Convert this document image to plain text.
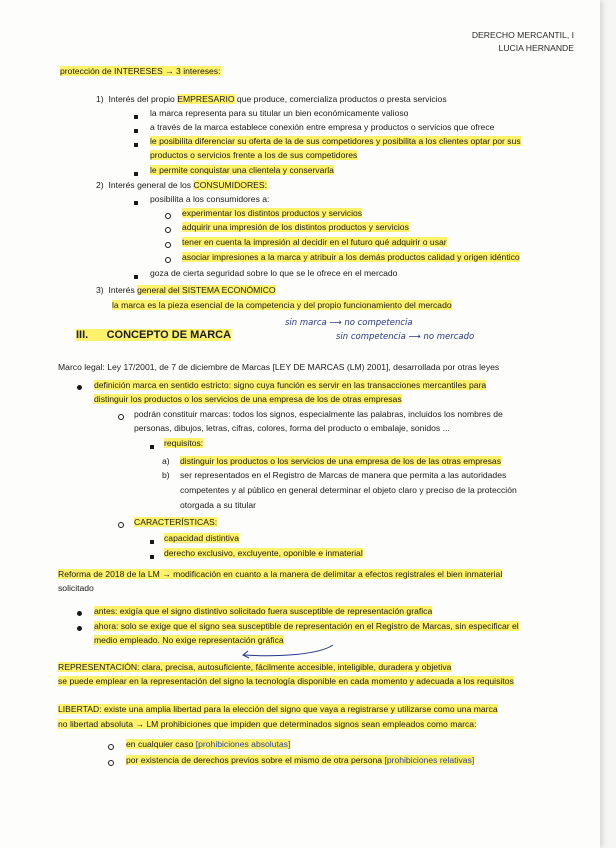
DERECHO MERCANTIL, I
LUCIA HERNANDE
protección de INTERESES → 3 intereses:
1) Interés del propio EMPRESARIO que produce, comercializa productos o presta servicios
la marca representa para su titular un bien económicamente valioso
a través de la marca establece conexión entre empresa y productos o servicios que ofrece
le posibilita diferenciar su oferta de la de sus competidores y posibilita a los clientes optar por sus
productos o servicios frente a los de sus competidores
le permite conquistar una clientela y conservarla
2) Interés general de los CONSUMIDORES:
posibilita a los consumidores a:
experimentar los distintos productos y servicios
adquirir una impresión de los distintos productos y servicios
tener en cuenta la impresión al decidir en el futuro qué adquirir o usar
asociar impresiones a la marca y atribuir a los demás productos calidad y origen idéntico
goza de cierta seguridad sobre lo que se le ofrece en el mercado
3) Interés general del SISTEMA ECONÓMICO
la marca es la pieza esencial de la competencia y del propio funcionamiento del mercado
III. CONCEPTO DE MARCA
sin marca ⟶ no competencia
sin competencia ⟶ no mercado
Marco legal: Ley 17/2001, de 7 de diciembre de Marcas [LEY DE MARCAS (LM) 2001], desarrollada por otras leyes
definición marca en sentido estricto: signo cuya función es servir en las transacciones mercantiles para
distinguir los productos o los servicios de una empresa de los de otras empresas
podrán constituir marcas: todos los signos, especialmente las palabras, incluidos los nombres de
personas, dibujos, letras, cifras, colores, forma del producto o embalaje, sonidos ...
requisitos:
a) distinguir los productos o los servicios de una empresa de los de las otras empresas
b) ser representados en el Registro de Marcas de manera que permita a las autoridades
competentes y al público en general determinar el objeto claro y preciso de la protección
otorgada a su titular
CARACTERÍSTICAS:
capacidad distintiva
derecho exclusivo, excluyente, oponible e inmaterial
Reforma de 2018 de la LM → modificación en cuanto a la manera de delimitar a efectos registrales el bien inmaterial
solicitado
antes: exigía que el signo distintivo solicitado fuera susceptible de representación grafica
ahora: solo se exige que el signo sea susceptible de representación en el Registro de Marcas, sin especificar el
medio empleado. No exige representación gráfica
REPRESENTACIÓN: clara, precisa, autosuficiente, fácilmente accesible, inteligible, duradera y objetiva
se puede emplear en la representación del signo la tecnología disponible en cada momento y adecuada a los requisitos
LIBERTAD: existe una amplia libertad para la elección del signo que vaya a registrarse y utilizarse como una marca
no libertad absoluta → LM prohibiciones que impiden que determinados signos sean empleados como marca:
en cualquier caso [prohibiciones absolutas]
por existencia de derechos previos sobre el mismo de otra persona [prohibiciones relativas]
